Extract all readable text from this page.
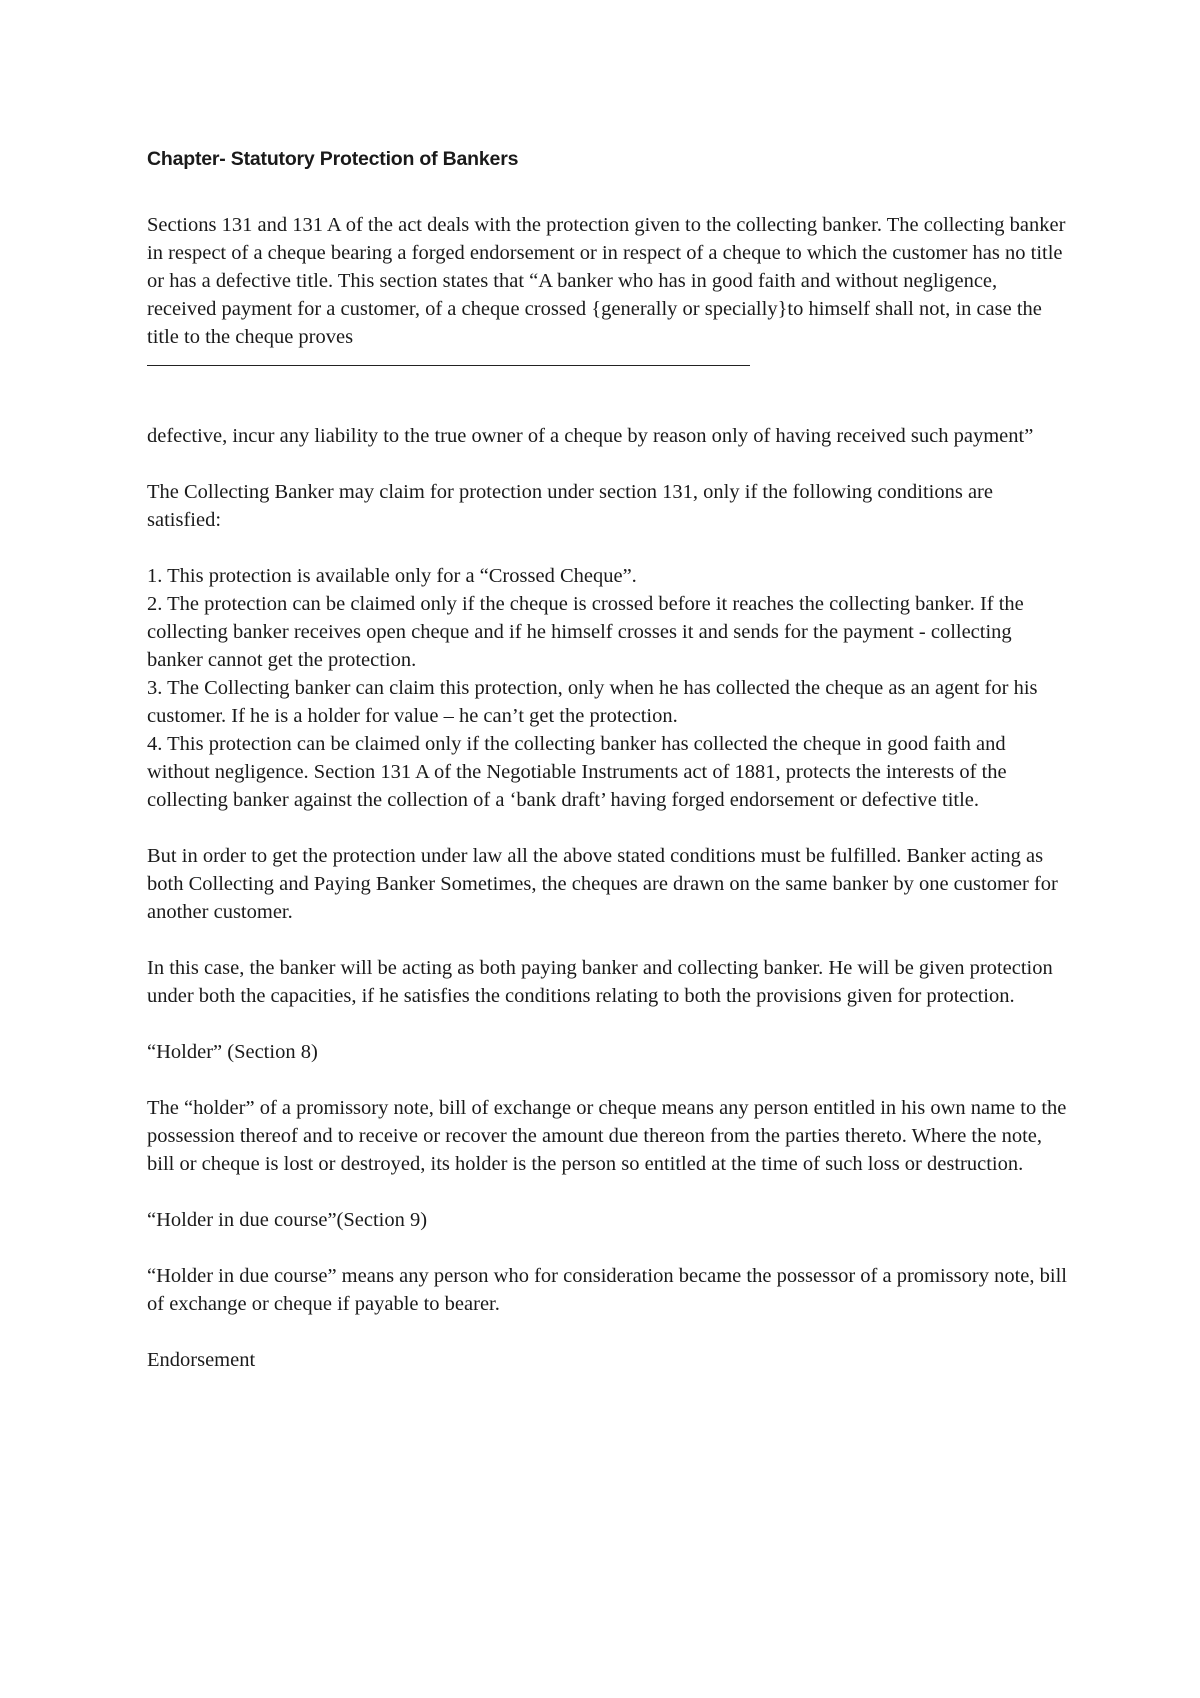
Chapter- Statutory Protection of Bankers

Sections 131 and 131 A of the act deals with the protection given to the collecting banker. The collecting banker in respect of a cheque bearing a forged endorsement or in respect of a cheque to which the customer has no title or has a defective title. This section states that “A banker who has in good faith and without negligence, received payment for a customer, of a cheque crossed {generally or specially}to himself shall not, in case the title to the cheque proves

defective, incur any liability to the true owner of a cheque by reason only of having received such payment”

The Collecting Banker may claim for protection under section 131, only if the following conditions are satisfied:

1. This protection is available only for a “Crossed Cheque”.

2. The protection can be claimed only if the cheque is crossed before it reaches the collecting banker. If the collecting banker receives open cheque and if he himself crosses it and sends for the payment - collecting banker cannot get the protection.

3. The Collecting banker can claim this protection, only when he has collected the cheque as an agent for his customer. If he is a holder for value – he can’t get the protection.

4. This protection can be claimed only if the collecting banker has collected the cheque in good faith and without negligence. Section 131 A of the Negotiable Instruments act of 1881, protects the interests of the collecting banker against the collection of a ‘bank draft’ having forged endorsement or defective title.

But in order to get the protection under law all the above stated conditions must be fulfilled. Banker acting as both Collecting and Paying Banker Sometimes, the cheques are drawn on the same banker by one customer for another customer.

In this case, the banker will be acting as both paying banker and collecting banker. He will be given protection under both the capacities, if he satisfies the conditions relating to both the provisions given for protection.

“Holder” (Section 8)

The “holder” of a promissory note, bill of exchange or cheque means any person entitled in his own name to the possession thereof and to receive or recover the amount due thereon from the parties thereto. Where the note, bill or cheque is lost or destroyed, its holder is the person so entitled at the time of such loss or destruction.

“Holder in due course”(Section 9)

“Holder in due course” means any person who for consideration became the possessor of a promissory note, bill of exchange or cheque if payable to bearer.

Endorsement
